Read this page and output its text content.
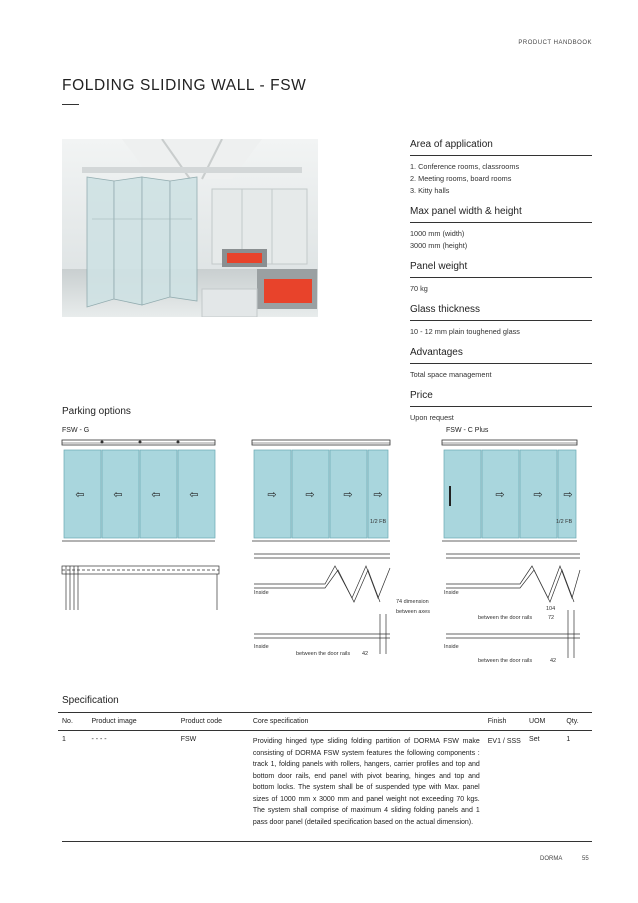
PRODUCT HANDBOOK
FOLDING SLIDING WALL - FSW
Area of application
1. Conference rooms, classrooms
2. Meeting rooms, board rooms
3. Kitty halls
Max panel width & height
1000 mm (width)
3000 mm (height)
Panel weight
70 kg
Glass thickness
10 - 12 mm plain toughened glass
Advantages
Total space management
Price
Upon request
Parking options
FSW - G	FSW - C Plus
⇦	⇦	⇦	⇦	⇨	⇨	⇨ ⇨	⇨	⇨ ⇨
1/2 FB	1/2 FB
Inside	Inside
Inside	Inside
74 dimension
between axes
between the door rails 42
104
between the door rails	72
between the door rails	42
Specification
No.	Product image	Product code	Core specification	Finish	UOM	Qty.
1	- - - -	FSW	Providing hinged type sliding folding partition of DORMA FSW make consisting of DORMA FSW system features the following components : track 1, folding panels with rollers, hangers, carrier profiles and top and bottom door rails, end panel with pivot bearing, hinges and top and bottom locks. The system shall be of suspended type with Max. panel sizes of 1000 mm x 3000 mm and panel weight not exceeding 70 kgs. The system shall comprise of maximum 4 sliding folding panels and 1 pass door panel (detailed specification based on the actual dimension).	EV1 / SSS	Set	1
DORMA	55
